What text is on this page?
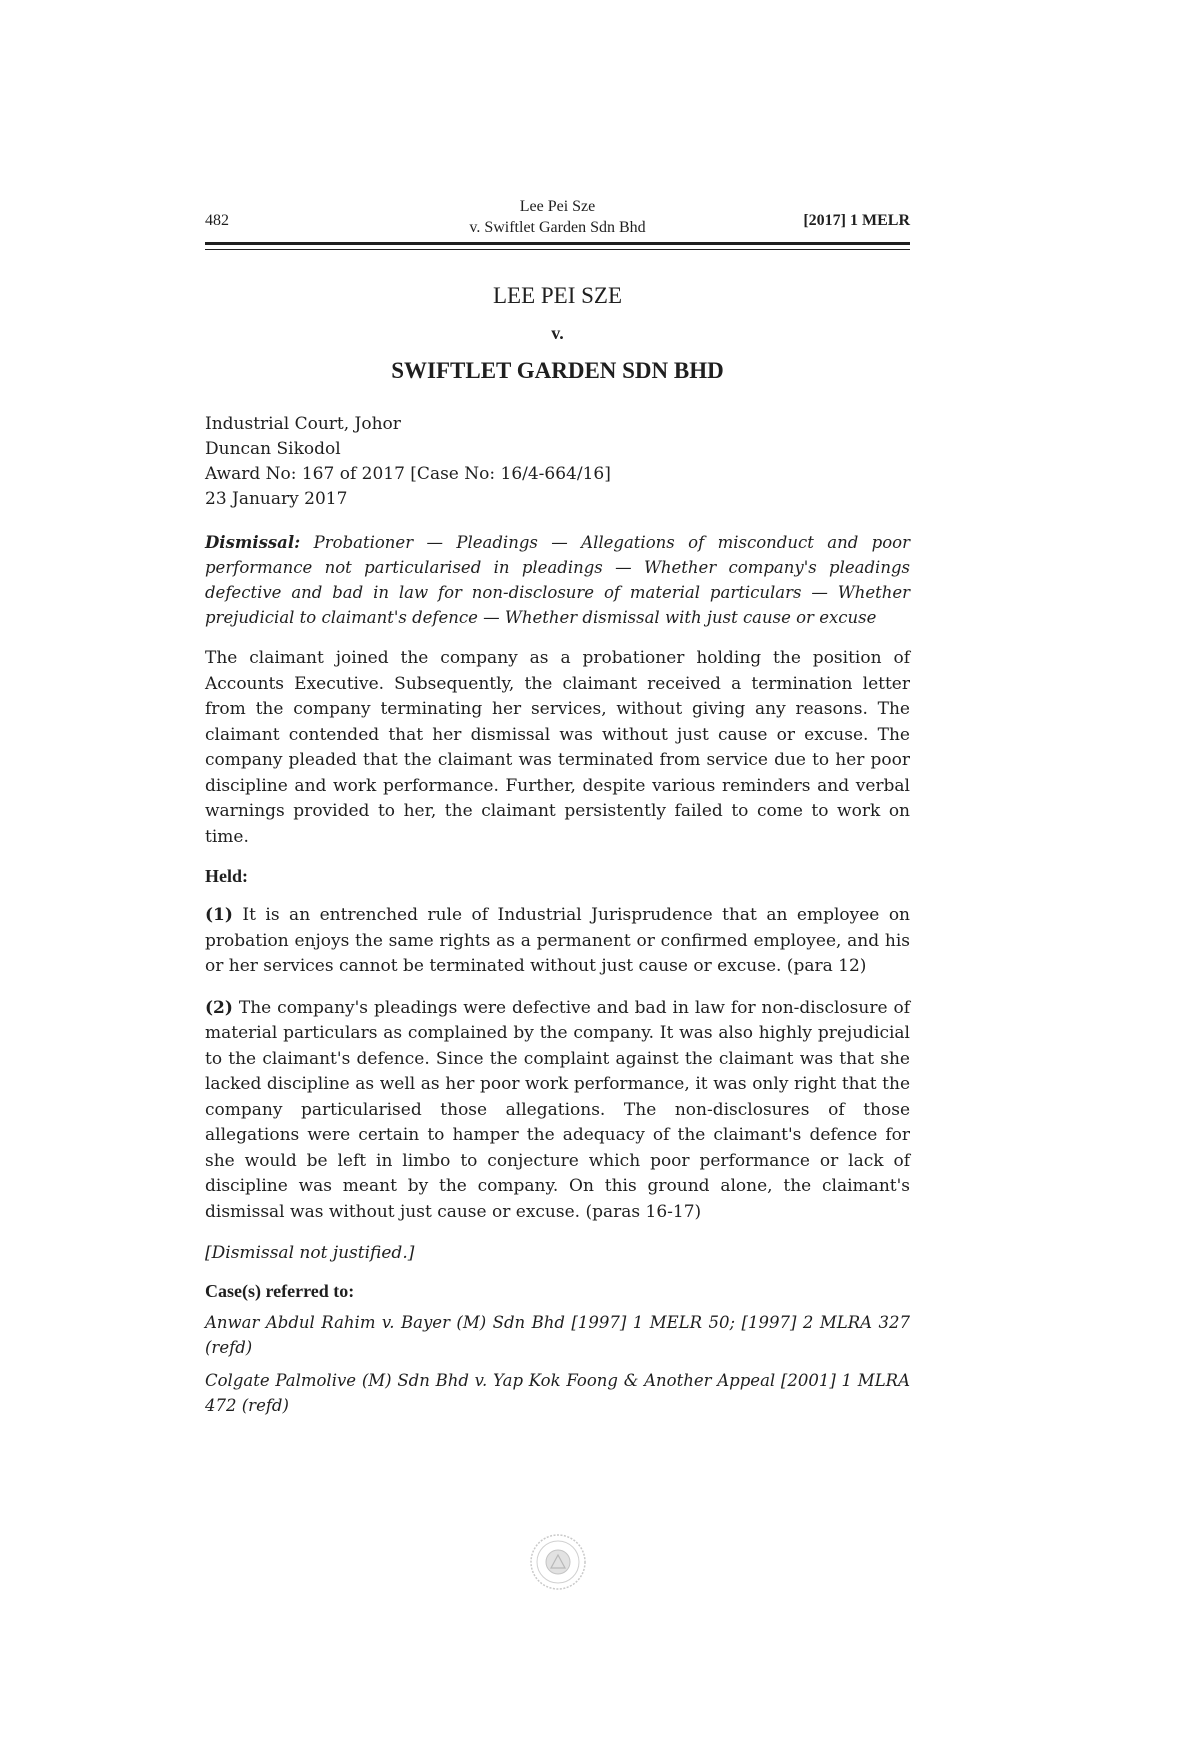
482
Lee Pei Sze
v. Swiftlet Garden Sdn Bhd	[2017] 1 MELR
LEE PEI SZE
v.
SWIFTLET GARDEN SDN BHD
Industrial Court, Johor
Duncan Sikodol
Award No: 167 of 2017 [Case No: 16/4-664/16]
23 January 2017
Dismissal: Probationer — Pleadings — Allegations of misconduct and poor performance not particularised in pleadings — Whether company's pleadings defective and bad in law for non-disclosure of material particulars — Whether prejudicial to claimant's defence — Whether dismissal with just cause or excuse

The claimant joined the company as a probationer holding the position of Accounts Executive. Subsequently, the claimant received a termination letter from the company terminating her services, without giving any reasons. The claimant contended that her dismissal was without just cause or excuse. The company pleaded that the claimant was terminated from service due to her poor discipline and work performance. Further, despite various reminders and verbal warnings provided to her, the claimant persistently failed to come to work on time.

Held:

(1) It is an entrenched rule of Industrial Jurisprudence that an employee on probation enjoys the same rights as a permanent or confirmed employee, and his or her services cannot be terminated without just cause or excuse. (para 12)

(2) The company's pleadings were defective and bad in law for non-disclosure of material particulars as complained by the company. It was also highly prejudicial to the claimant's defence. Since the complaint against the claimant was that she lacked discipline as well as her poor work performance, it was only right that the company particularised those allegations. The non-disclosures of those allegations were certain to hamper the adequacy of the claimant's defence for she would be left in limbo to conjecture which poor performance or lack of discipline was meant by the company. On this ground alone, the claimant's dismissal was without just cause or excuse. (paras 16-17)

[Dismissal not justified.]
Case(s) referred to:
Anwar Abdul Rahim v. Bayer (M) Sdn Bhd [1997] 1 MELR 50; [1997] 2 MLRA 327 (refd)
Colgate Palmolive (M) Sdn Bhd v. Yap Kok Foong & Another Appeal [2001] 1 MLRA 472 (refd)
